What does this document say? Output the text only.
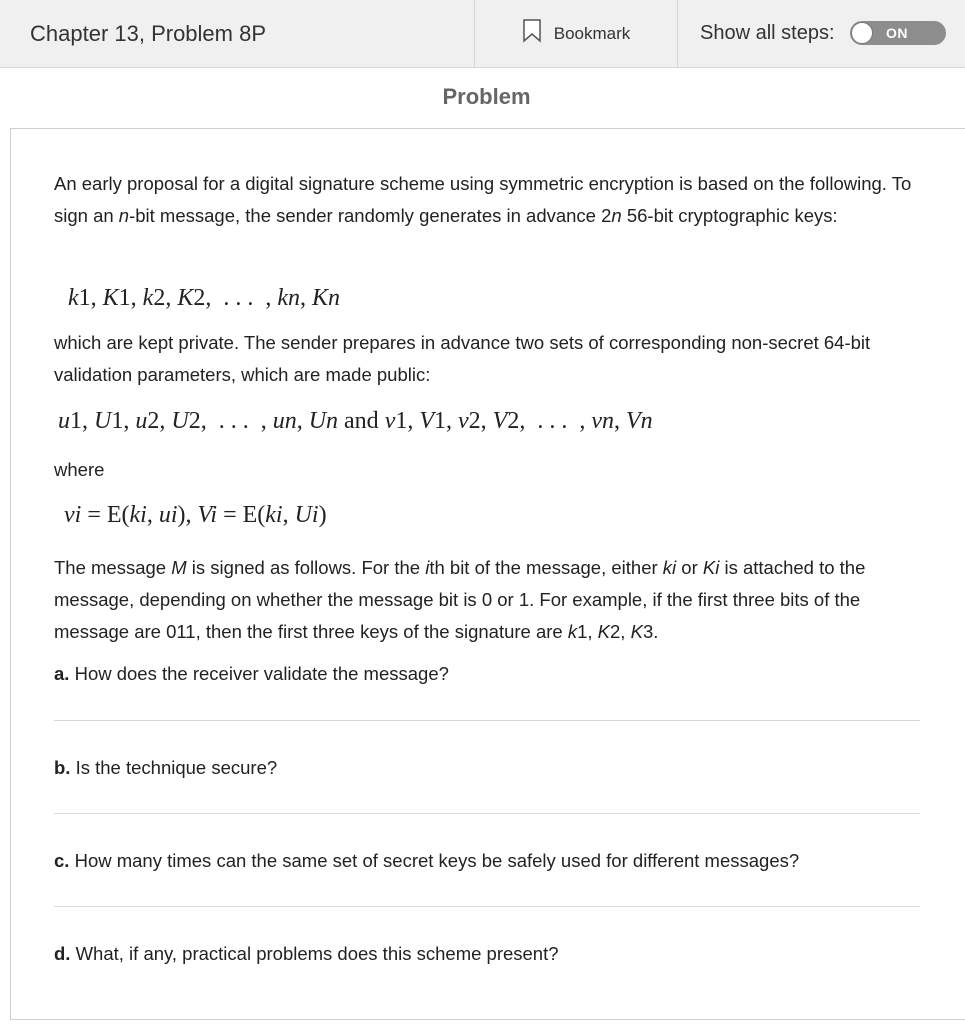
Chapter 13, Problem 8P	Bookmark	Show all steps:	ON
Problem

An early proposal for a digital signature scheme using symmetric encryption is based on the following. To sign an n-bit message, the sender randomly generates in advance 2n 56-bit cryptographic keys:

k1, K1, k2, K2,  . . .  , kn, Kn

which are kept private. The sender prepares in advance two sets of corresponding non-secret 64-bit validation parameters, which are made public:

u1, U1, u2, U2,  . . .  , un, Un and v1, V1, v2, V2,  . . .  , vn, Vn
where
vi = E(ki, ui), Vi = E(ki, Ui)

The message M is signed as follows. For the ith bit of the message, either ki or Ki is attached to the message, depending on whether the message bit is 0 or 1. For example, if the first three bits of the message are 011, then the first three keys of the signature are k1, K2, K3.

a. How does the receiver validate the message?
b. Is the technique secure?
c. How many times can the same set of secret keys be safely used for different messages?
d. What, if any, practical problems does this scheme present?
